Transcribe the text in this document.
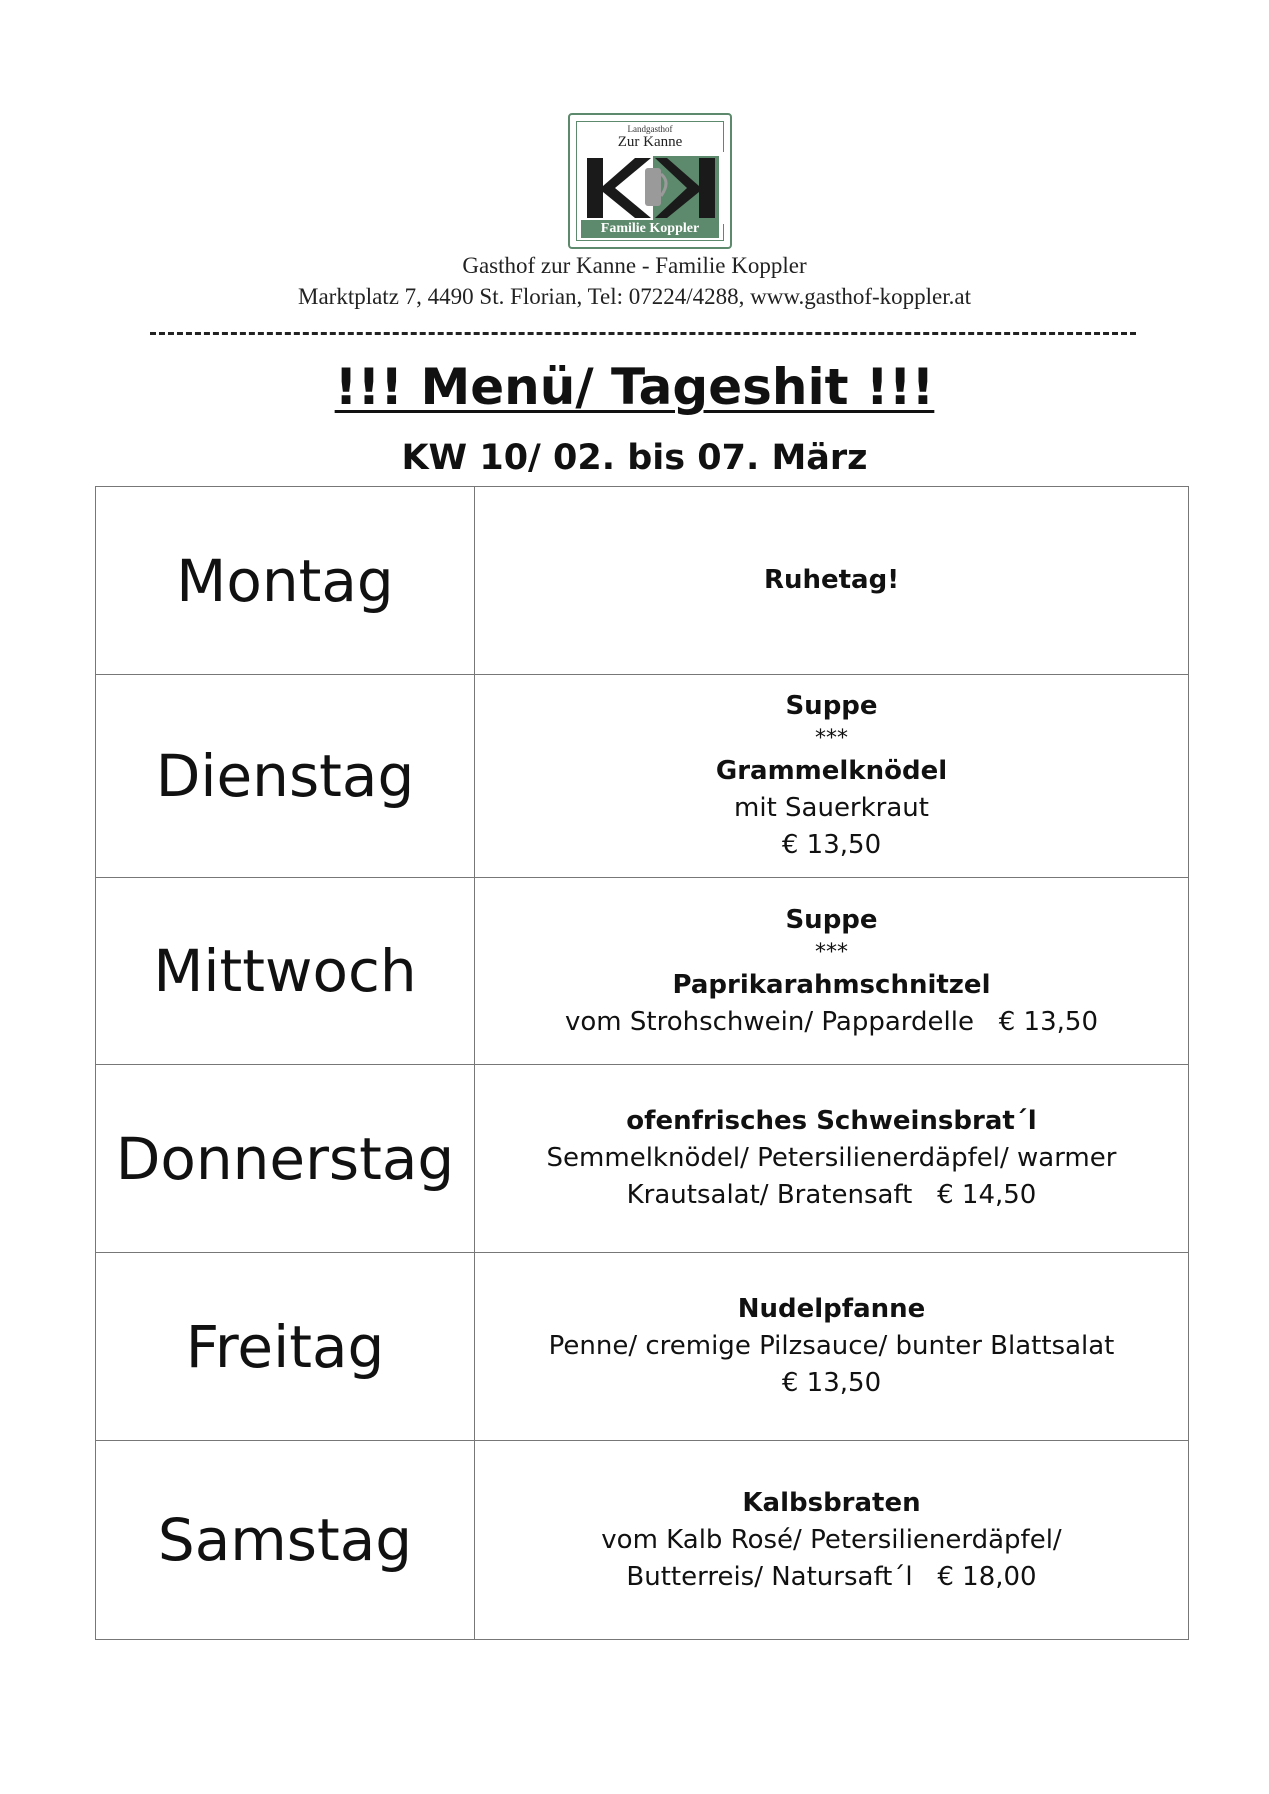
Landgasthof
Zur Kanne
Familie Koppler
Gasthof zur Kanne - Familie Koppler
Marktplatz 7, 4490 St. Florian, Tel: 07224/4288, www.gasthof-koppler.at
!!! Menü/ Tageshit !!!
KW 10/ 02. bis 07. März
Montag	Ruhetag!

Dienstag	Suppe
***
Grammelknödel
mit Sauerkraut
€ 13,50

Mittwoch	Suppe
***
Paprikarahmschnitzel
vom Strohschwein/ Pappardelle   € 13,50

Donnerstag	ofenfrisches Schweinsbrat´l
Semmelknödel/ Petersilienerdäpfel/ warmer
Krautsalat/ Bratensaft   € 14,50

Freitag	Nudelpfanne
Penne/ cremige Pilzsauce/ bunter Blattsalat
€ 13,50

Samstag	Kalbsbraten
vom Kalb Rosé/ Petersilienerdäpfel/
Butterreis/ Natursaft´l   € 18,00
